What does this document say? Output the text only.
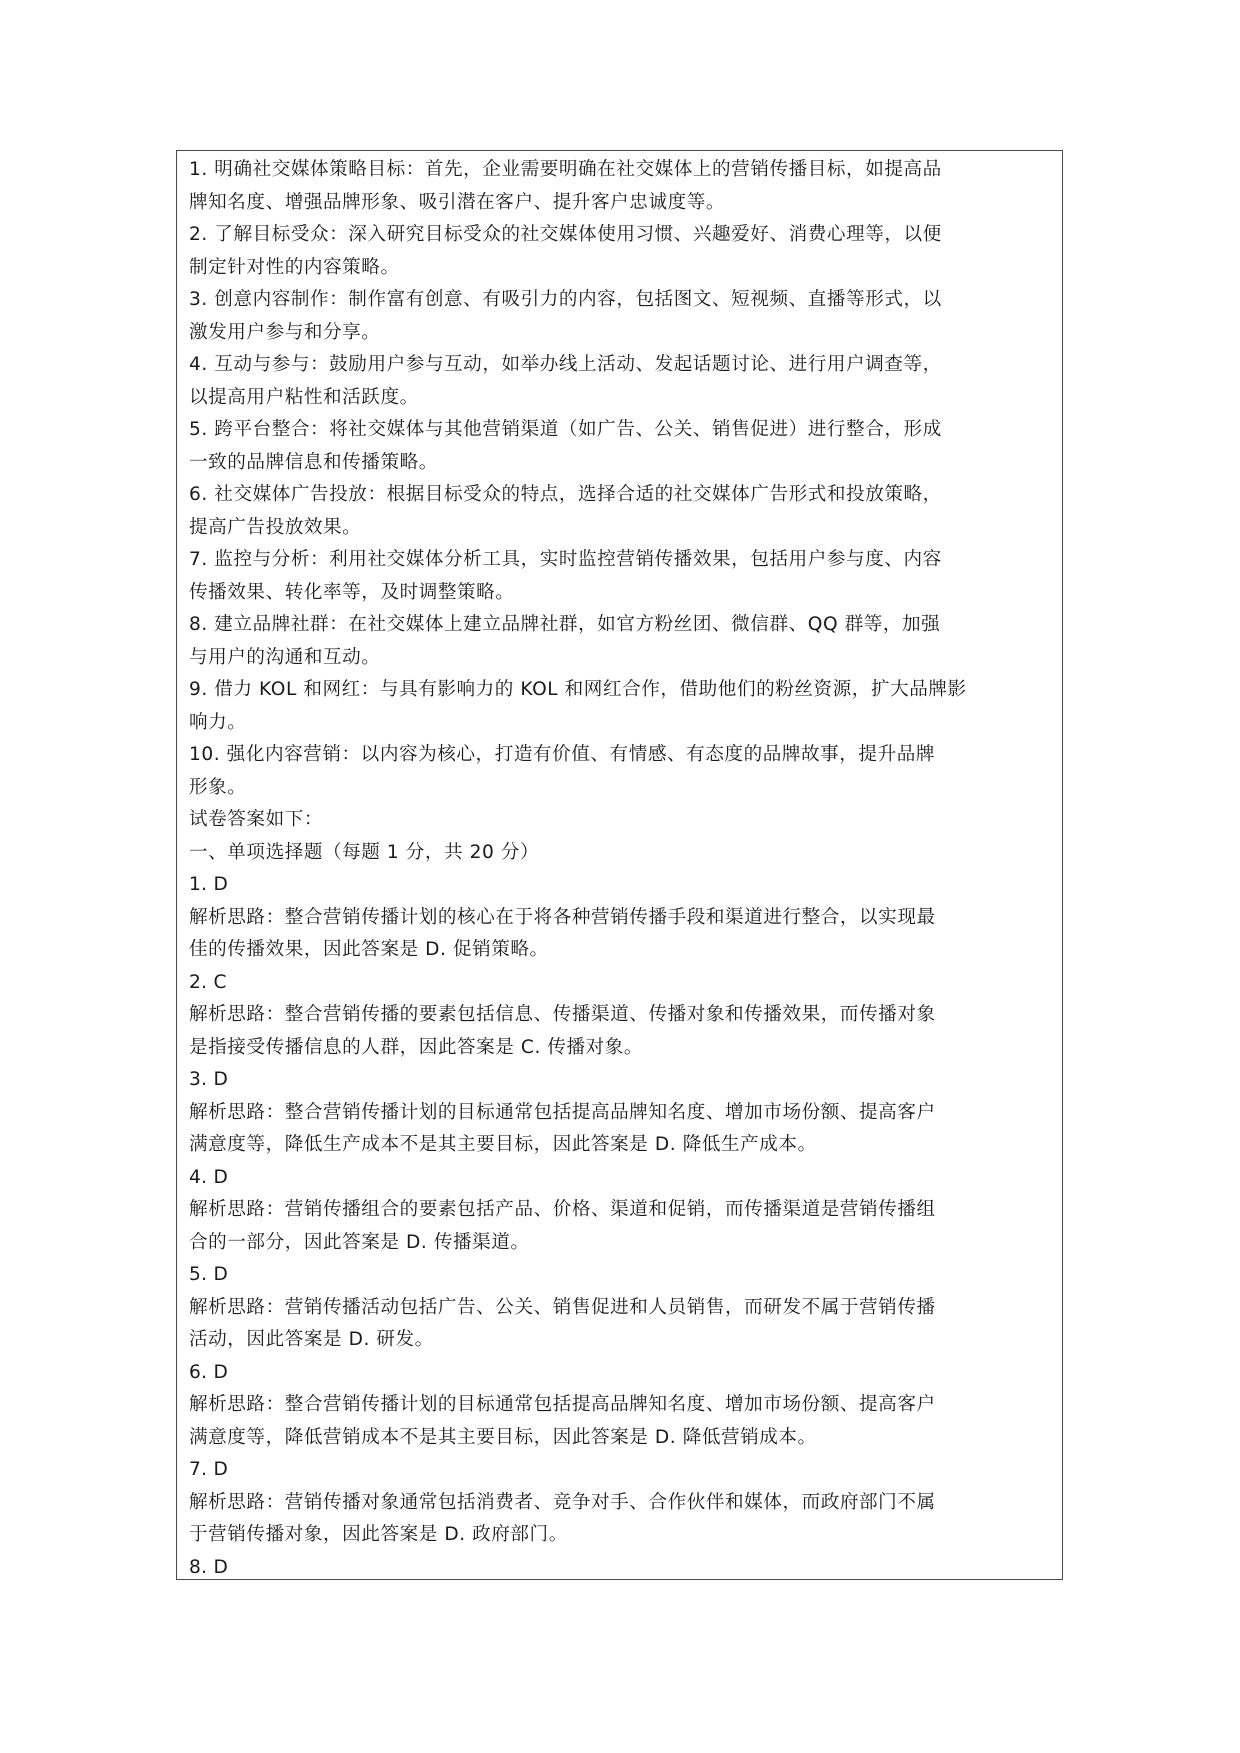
1. 明确社交媒体策略目标：首先，企业需要明确在社交媒体上的营销传播目标，如提高品
牌知名度、增强品牌形象、吸引潜在客户、提升客户忠诚度等。
2. 了解目标受众：深入研究目标受众的社交媒体使用习惯、兴趣爱好、消费心理等，以便
制定针对性的内容策略。
3. 创意内容制作：制作富有创意、有吸引力的内容，包括图文、短视频、直播等形式，以
激发用户参与和分享。
4. 互动与参与：鼓励用户参与互动，如举办线上活动、发起话题讨论、进行用户调查等，
以提高用户粘性和活跃度。
5. 跨平台整合：将社交媒体与其他营销渠道（如广告、公关、销售促进）进行整合，形成
一致的品牌信息和传播策略。
6. 社交媒体广告投放：根据目标受众的特点，选择合适的社交媒体广告形式和投放策略，
提高广告投放效果。
7. 监控与分析：利用社交媒体分析工具，实时监控营销传播效果，包括用户参与度、内容
传播效果、转化率等，及时调整策略。
8. 建立品牌社群：在社交媒体上建立品牌社群，如官方粉丝团、微信群、QQ 群等，加强
与用户的沟通和互动。
9. 借力 KOL 和网红：与具有影响力的 KOL 和网红合作，借助他们的粉丝资源，扩大品牌影
响力。
10. 强化内容营销：以内容为核心，打造有价值、有情感、有态度的品牌故事，提升品牌
形象。
试卷答案如下：
一、单项选择题（每题 1 分，共 20 分）
1. D
解析思路：整合营销传播计划的核心在于将各种营销传播手段和渠道进行整合，以实现最
佳的传播效果，因此答案是 D. 促销策略。
2. C
解析思路：整合营销传播的要素包括信息、传播渠道、传播对象和传播效果，而传播对象
是指接受传播信息的人群，因此答案是 C. 传播对象。
3. D
解析思路：整合营销传播计划的目标通常包括提高品牌知名度、增加市场份额、提高客户
满意度等，降低生产成本不是其主要目标，因此答案是 D. 降低生产成本。
4. D
解析思路：营销传播组合的要素包括产品、价格、渠道和促销，而传播渠道是营销传播组
合的一部分，因此答案是 D. 传播渠道。
5. D
解析思路：营销传播活动包括广告、公关、销售促进和人员销售，而研发不属于营销传播
活动，因此答案是 D. 研发。
6. D
解析思路：整合营销传播计划的目标通常包括提高品牌知名度、增加市场份额、提高客户
满意度等，降低营销成本不是其主要目标，因此答案是 D. 降低营销成本。
7. D
解析思路：营销传播对象通常包括消费者、竞争对手、合作伙伴和媒体，而政府部门不属
于营销传播对象，因此答案是 D. 政府部门。
8. D
